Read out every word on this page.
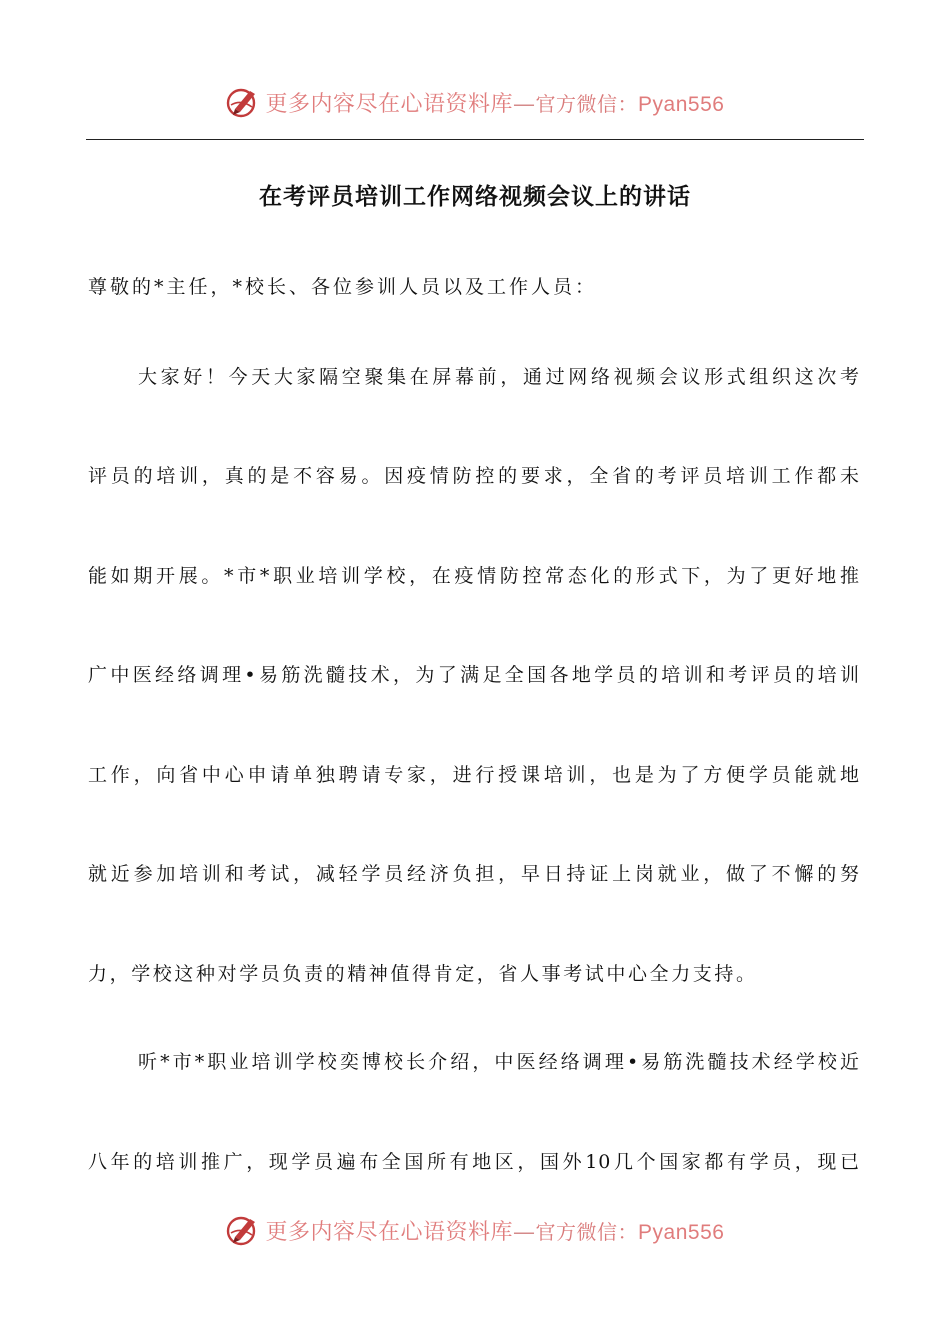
更多内容尽在心语资料库—官方微信：Pyan556
在考评员培训工作网络视频会议上的讲话
尊敬的*主任，*校长、各位参训人员以及工作人员：
大家好！今天大家隔空聚集在屏幕前，通过网络视频会议形式组织这次考
评员的培训，真的是不容易。因疫情防控的要求，全省的考评员培训工作都未
能如期开展。*市*职业培训学校，在疫情防控常态化的形式下，为了更好地推
广中医经络调理•易筋洗髓技术，为了满足全国各地学员的培训和考评员的培训
工作，向省中心申请单独聘请专家，进行授课培训，也是为了方便学员能就地
就近参加培训和考试，减轻学员经济负担，早日持证上岗就业，做了不懈的努
力，学校这种对学员负责的精神值得肯定，省人事考试中心全力支持。
听*市*职业培训学校奕博校长介绍，中医经络调理•易筋洗髓技术经学校近
八年的培训推广，现学员遍布全国所有地区，国外10几个国家都有学员，现已
更多内容尽在心语资料库—官方微信：Pyan556
